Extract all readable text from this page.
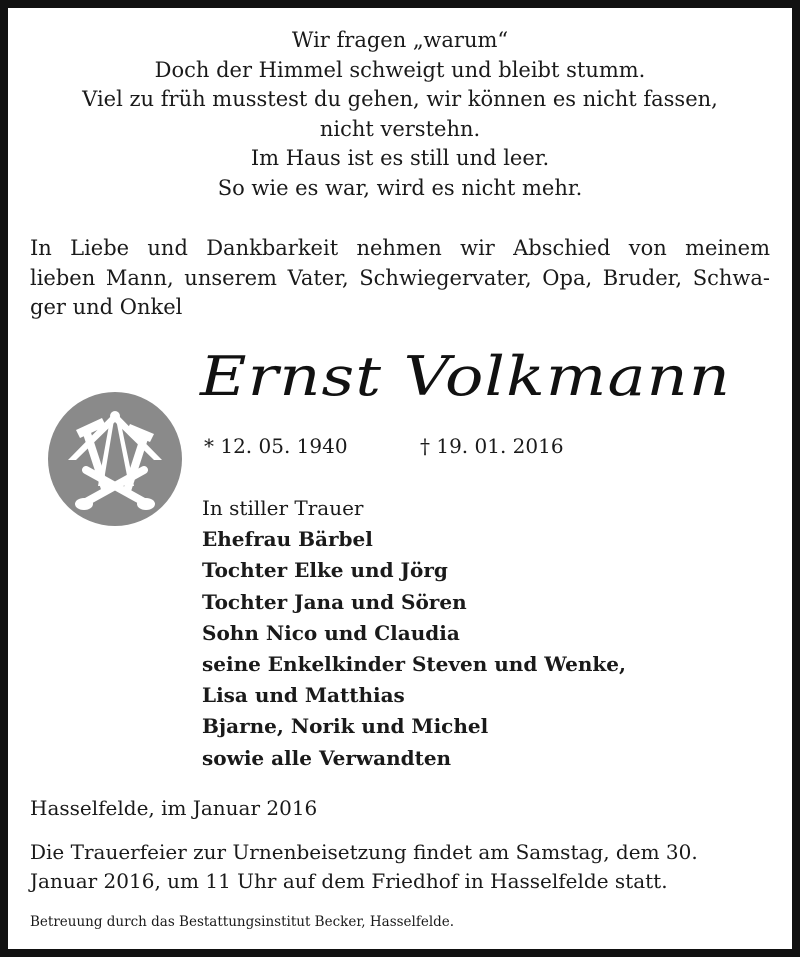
Wir fragen „warum“
Doch der Himmel schweigt und bleibt stumm.
Viel zu früh musstest du gehen, wir können es nicht fassen,
nicht verstehn.
Im Haus ist es still und leer.
So wie es war, wird es nicht mehr.
In Liebe und Dankbarkeit nehmen wir Abschied von meinem
lieben Mann, unserem Vater, Schwiegervater, Opa, Bruder, Schwa-
ger und Onkel
Ernst Volkmann
* 12. 05. 1940	† 19. 01. 2016
In stiller Trauer
Ehefrau Bärbel
Tochter Elke und Jörg
Tochter Jana und Sören
Sohn Nico und Claudia
seine Enkelkinder Steven und Wenke,
Lisa und Matthias
Bjarne, Norik und Michel
sowie alle Verwandten
Hasselfelde, im Januar 2016
Die Trauerfeier zur Urnenbeisetzung findet am Samstag, dem 30.
Januar 2016, um 11 Uhr auf dem Friedhof in Hasselfelde statt.
Betreuung durch das Bestattungsinstitut Becker, Hasselfelde.
